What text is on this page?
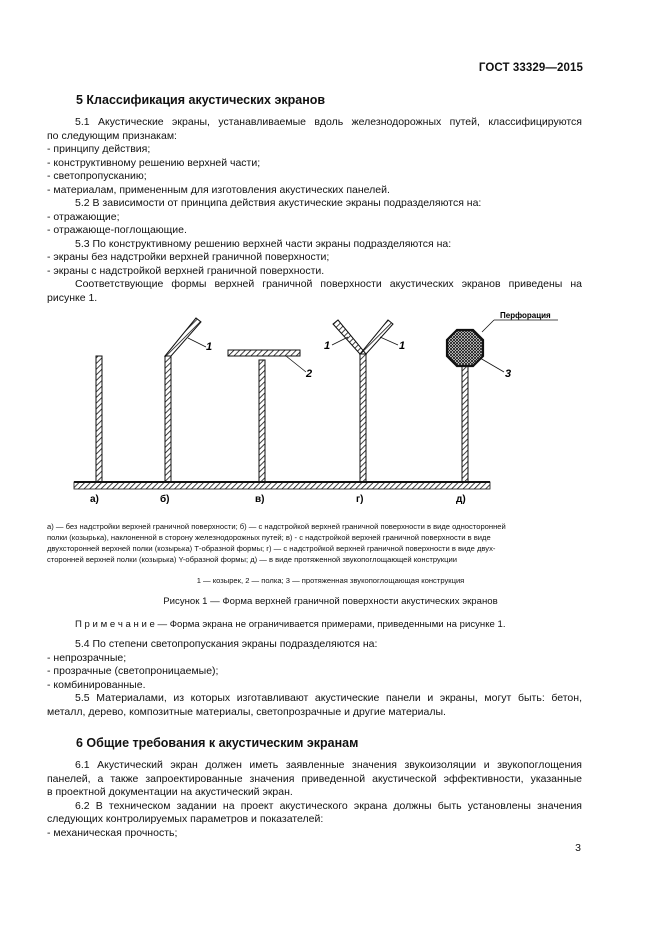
ГОСТ 33329—2015
5 Классификация акустических экранов

5.1 Акустические экраны, устанавливаемые вдоль железнодорожных путей, классифицируются

по следующим признакам:

- принципу действия;

- конструктивному решению верхней части;

- светопропусканию;

- материалам, примененным для изготовления акустических панелей.

5.2 В зависимости от принципа действия акустические экраны подразделяются на:

- отражающие;

- отражающе-поглощающие.

5.3 По конструктивному решению верхней части экраны подразделяются на:

- экраны без надстройки верхней граничной поверхности;

- экраны с надстройкой верхней граничной поверхности.

Соответствующие формы верхней граничной поверхности акустических экранов приведены на

рисунке 1.

Перфорация
1
2
1	1
3
а)	б)	в)	г)	д)
а) — без надстройки верхней граничной поверхности; б) — с надстройкой верхней граничной поверхности в виде односторонней
полки (козырька), наклоненной в сторону железнодорожных путей; в) - с надстройкой верхней граничной поверхности в виде
двухсторонней верхней полки (козырька) Т-образной формы; г) — с надстройкой верхней граничной поверхности в виде двух-
сторонней верхней полки (козырька) Y-образной формы; д) — в виде протяженной звукопоглощающей конструкции
1 — козырек, 2 — полка; 3 — протяженная звукопоглощающая конструкция
Рисунок 1 — Форма верхней граничной поверхности акустических экранов
П р и м е ч а н и е — Форма экрана не ограничивается примерами, приведенными на рисунке 1.

5.4 По степени светопропускания экраны подразделяются на:

- непрозрачные;

- прозрачные (светопроницаемые);

- комбинированные.

5.5 Материалами, из которых изготавливают акустические панели и экраны, могут быть: бетон,

металл, дерево, композитные материалы, светопрозрачные и другие материалы.

6 Общие требования к акустическим экранам

6.1 Акустический экран должен иметь заявленные значения звукоизоляции и звукопоглощения

панелей, а также запроектированные значения приведенной акустической эффективности, указанные

в проектной документации на акустический экран.

6.2 В техническом задании на проект акустического экрана должны быть установлены значения

следующих контролируемых параметров и показателей:

- механическая прочность;

3
